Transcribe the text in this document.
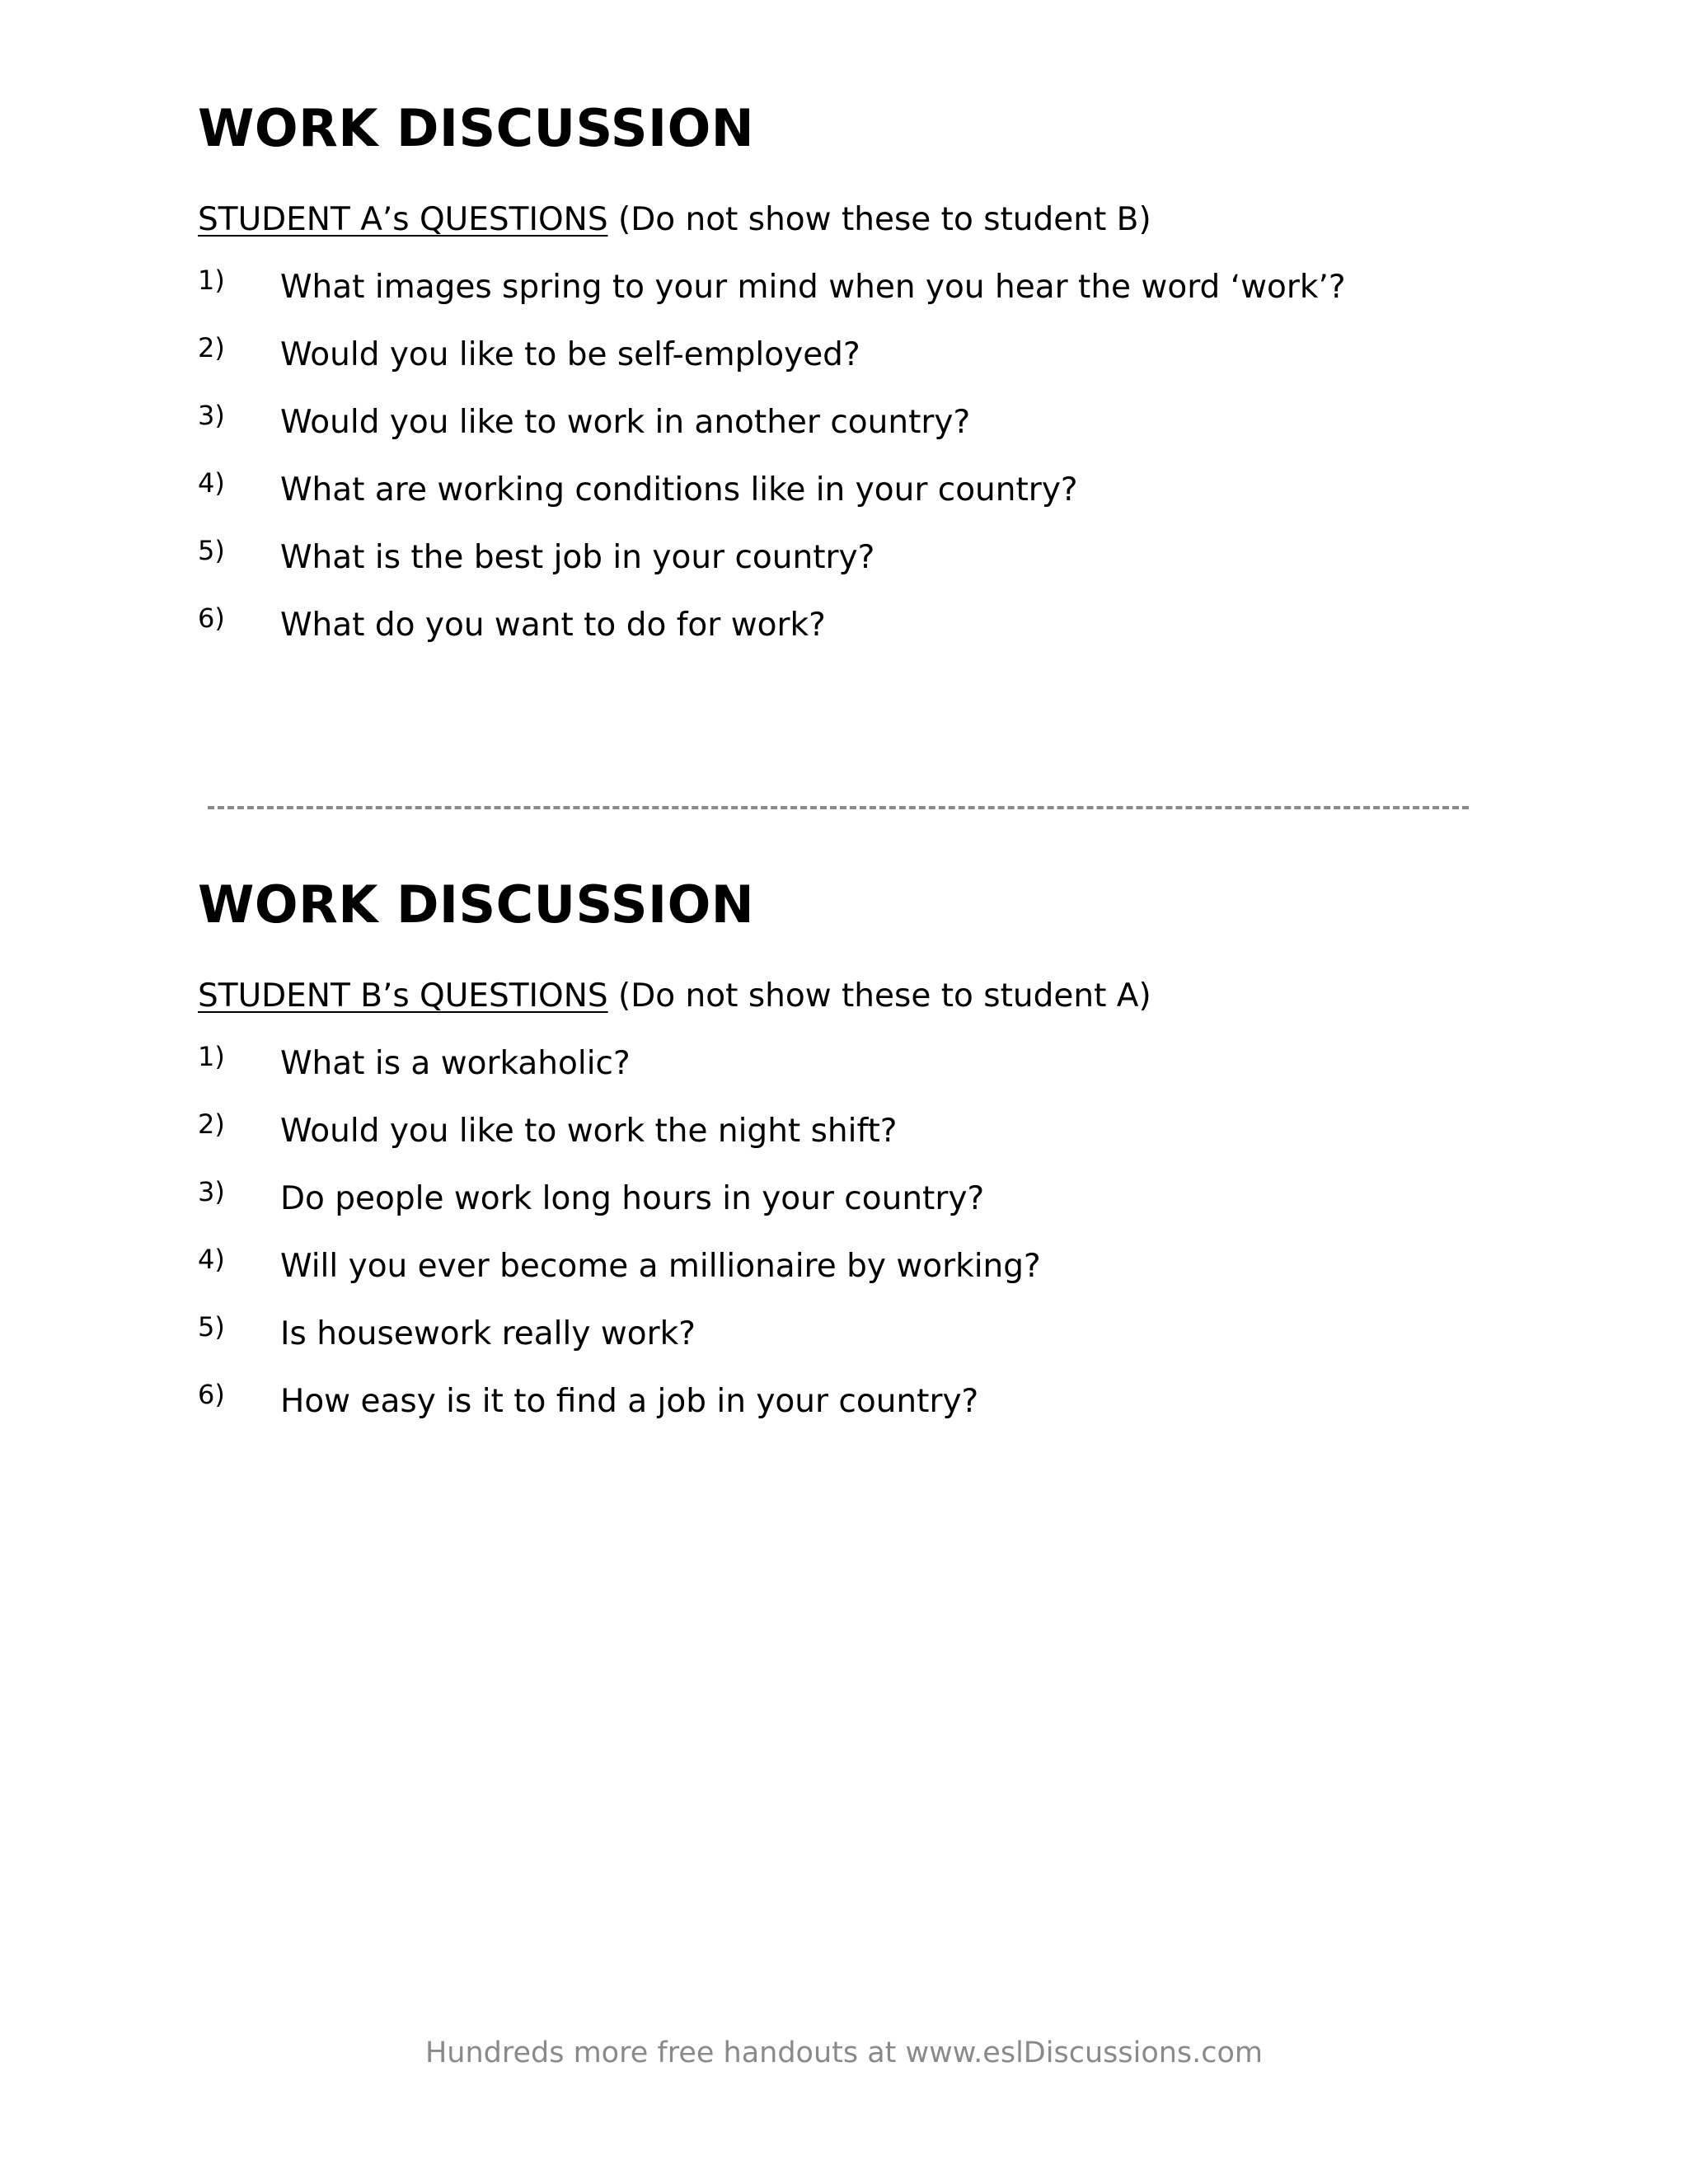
WORK DISCUSSION
STUDENT A’s QUESTIONS (Do not show these to student B)
1) What images spring to your mind when you hear the word ‘work’?
2) Would you like to be self-employed?
3) Would you like to work in another country?
4) What are working conditions like in your country?
5) What is the best job in your country?
6) What do you want to do for work?
WORK DISCUSSION
STUDENT B’s QUESTIONS (Do not show these to student A)
1) What is a workaholic?
2) Would you like to work the night shift?
3) Do people work long hours in your country?
4) Will you ever become a millionaire by working?
5) Is housework really work?
6) How easy is it to find a job in your country?
Hundreds more free handouts at www.eslDiscussions.com
